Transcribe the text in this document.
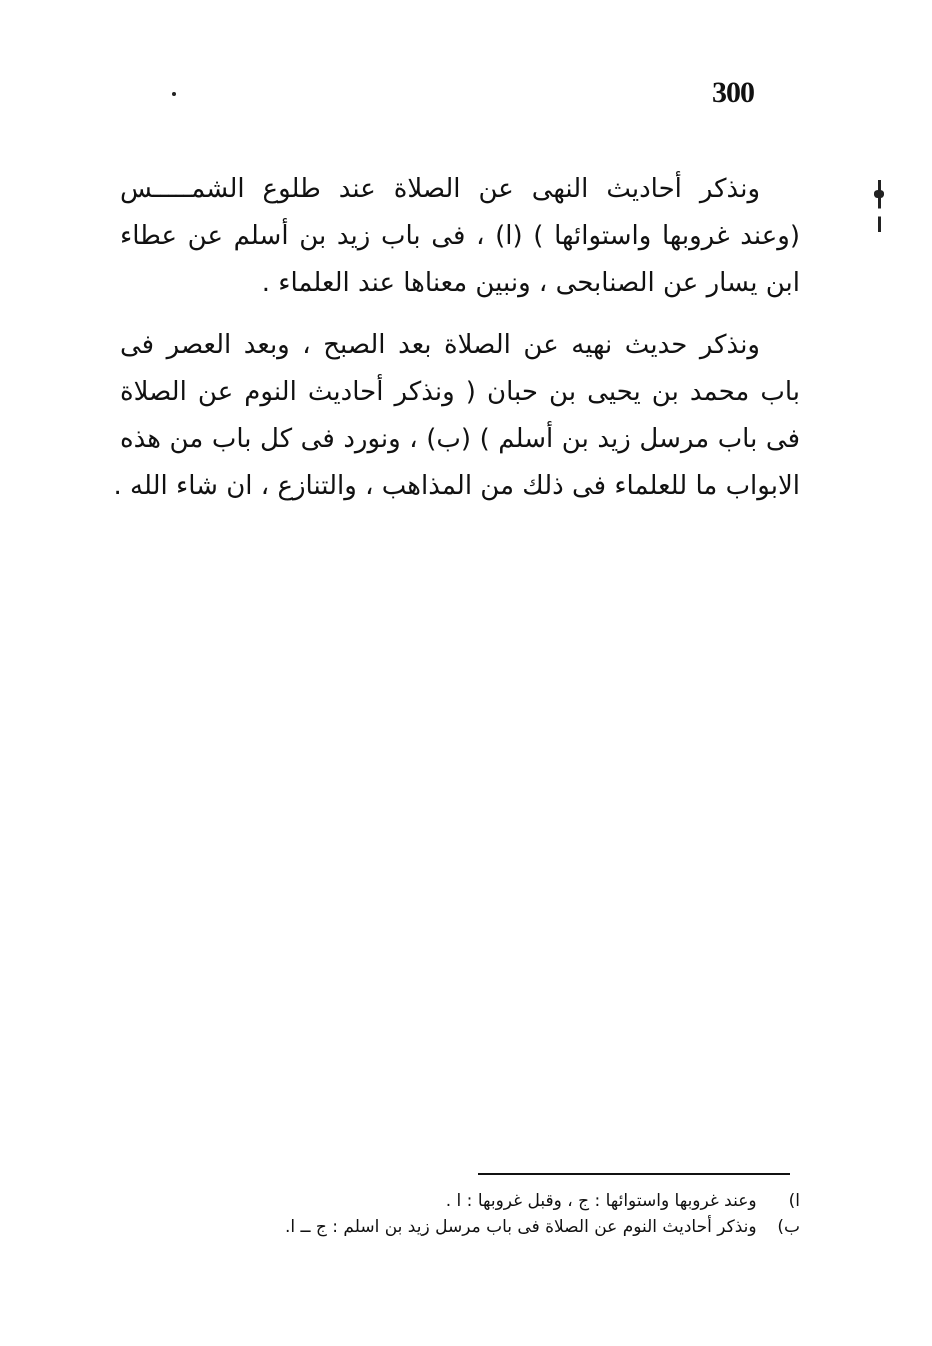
300
ونذكر أحاديث النهى عن الصلاة عند طلوع الشمـــــس
(وعند غروبها واستوائها ) (ا) ، فى باب زيد بن أسلم عن عطاء
ابن يسار عن الصنابحى ، ونبين معناها عند العلماء .
ونذكر حديث نهيه عن الصلاة بعد الصبح ، وبعد العصر فى
باب محمد بن يحيى بن حبان ( ونذكر أحاديث النوم عن الصلاة
فى باب مرسل زيد بن أسلم ) (ب) ، ونورد فى كل باب من هذه
الابواب ما للعلماء فى ذلك من المذاهب ، والتنازع ، ان شاء الله .
ا) وعند غروبها واستوائها : ج ، وقبل غروبها : ا .
ب) ونذكر أحاديث النوم عن الصلاة فى باب مرسل زيد بن اسلم : ج ــ ا.
